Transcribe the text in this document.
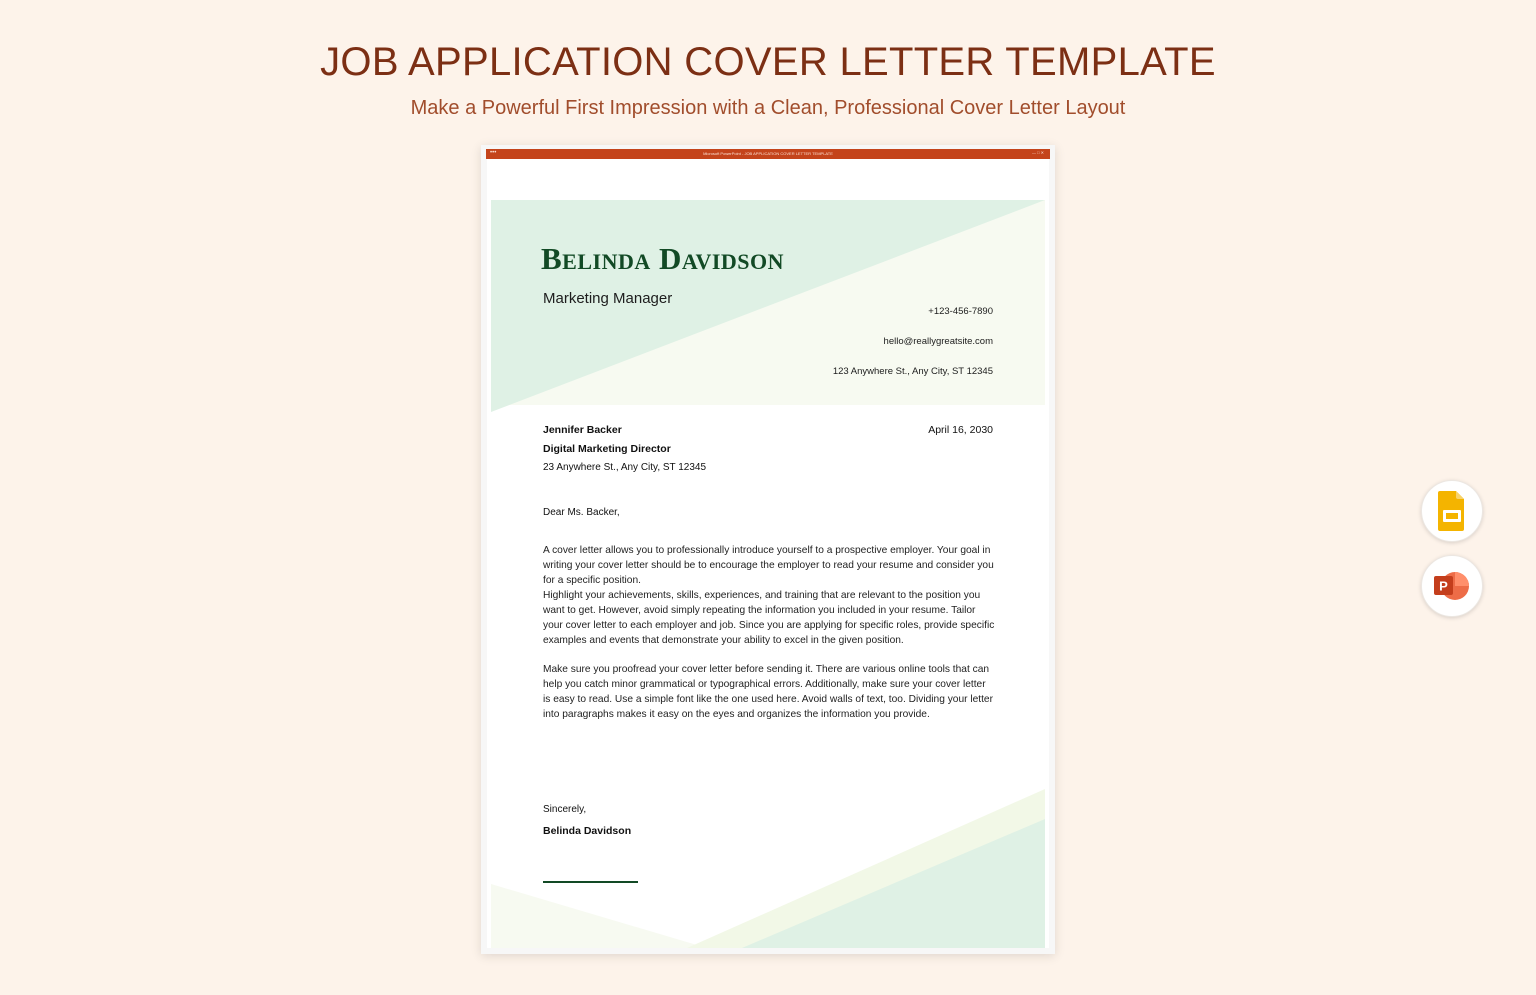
JOB APPLICATION COVER LETTER TEMPLATE

Make a Powerful First Impression with a Clean, Professional Cover Letter Layout

•••	Microsoft PowerPoint - JOB APPLICATION COVER LETTER TEMPLATE	— □ ✕
Belinda Davidson
Marketing Manager
+123-456-7890
hello@reallygreatsite.com
123 Anywhere St., Any City, ST 12345
Jennifer Backer
Digital Marketing Director
23 Anywhere St., Any City, ST 12345
April 16, 2030
Dear Ms. Backer,

A cover letter allows you to professionally introduce yourself to a prospective employer. Your goal in writing your cover letter should be to encourage the employer to read your resume and consider you for a specific position.

Highlight your achievements, skills, experiences, and training that are relevant to the position you want to get. However, avoid simply repeating the information you included in your resume. Tailor your cover letter to each employer and job. Since you are applying for specific roles, provide specific examples and events that demonstrate your ability to excel in the given position.

Make sure you proofread your cover letter before sending it. There are various online tools that can help you catch minor grammatical or typographical errors. Additionally, make sure your cover letter is easy to read. Use a simple font like the one used here. Avoid walls of text, too. Dividing your letter into paragraphs makes it easy on the eyes and organizes the information you provide.

Sincerely,
Belinda Davidson
P
